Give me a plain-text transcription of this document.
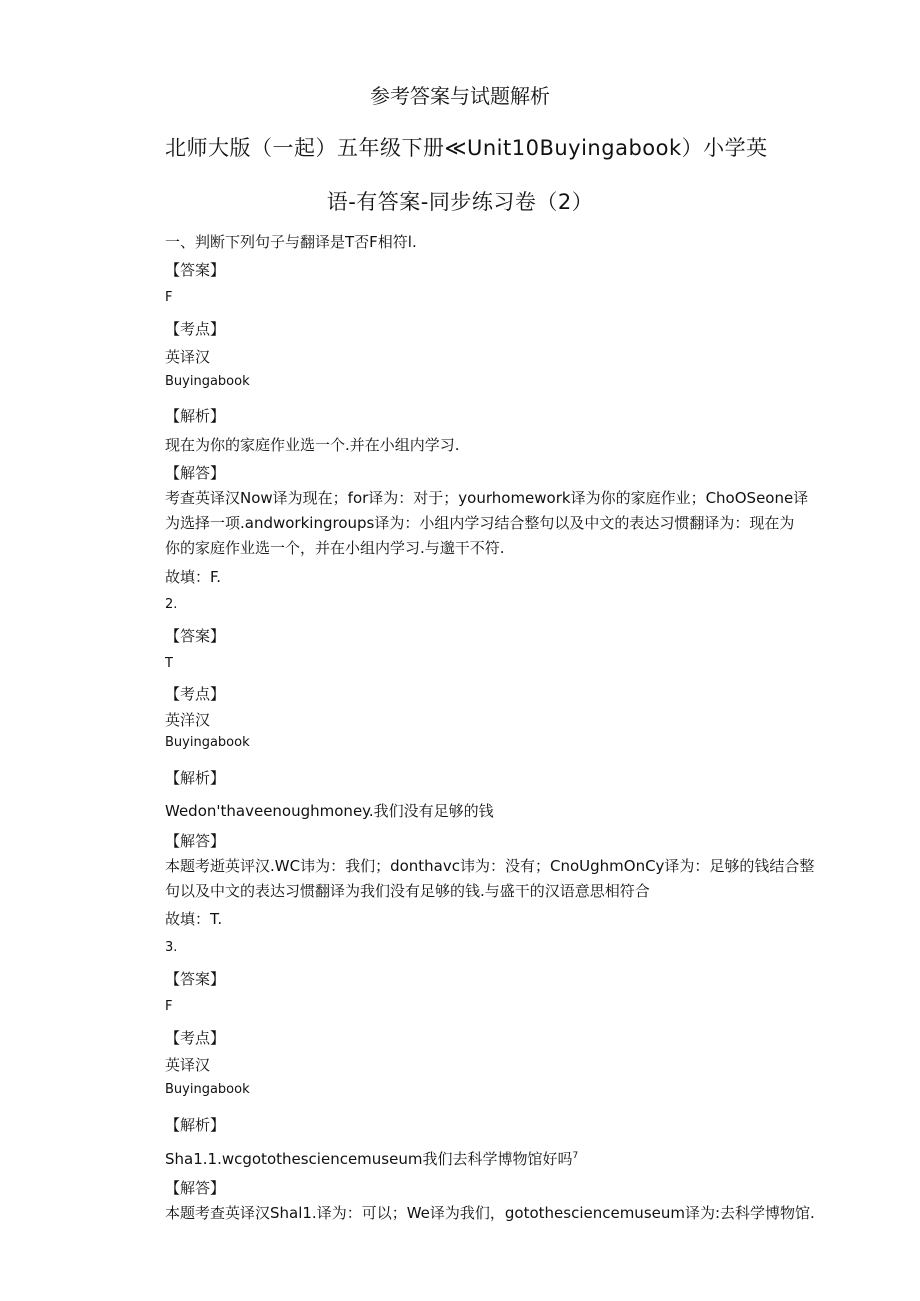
参考答案与试题解析
北师大版（一起）五年级下册≪Unit10Buyingabook）小学英
语-有答案-同步练习卷（2）
一、判断下列句子与翻译是T否F相符l.
【答案】
F
【考点】
英译汉
Buyingabook
【解析】
现在为你的家庭作业选一个.并在小组内学习.
【解答】
考查英译汉Now译为现在；for译为：对于；yourhomework译为你的家庭作业；ChoOSeone译
为选择一项.andworkingroups译为：小组内学习结合整句以及中文的表达习惯翻译为：现在为
你的家庭作业选一个，并在小组内学习.与邈干不符.
故填：F.
2.
【答案】
T
【考点】
英洋汉
Buyingabook
【解析】
Wedon'thaveenoughmoney.我们没有足够的钱
【解答】
本题考逝英评汉.WC讳为：我们；donthavc讳为：没有；CnoUghmOnCy译为：足够的钱结合整
句以及中文的表达习惯翻译为我们没有足够的钱.与盛干的汉语意思相符合
故填：T.
3.
【答案】
F
【考点】
英译汉
Buyingabook
【解析】
Sha1.1.wcgotothesciencemuseum我们去科学博物馆好吗$^7$
【解答】
本题考查英译汉Shal1.译为：可以；We译为我们，gotothesciencemuseum译为:去科学博物馆.
